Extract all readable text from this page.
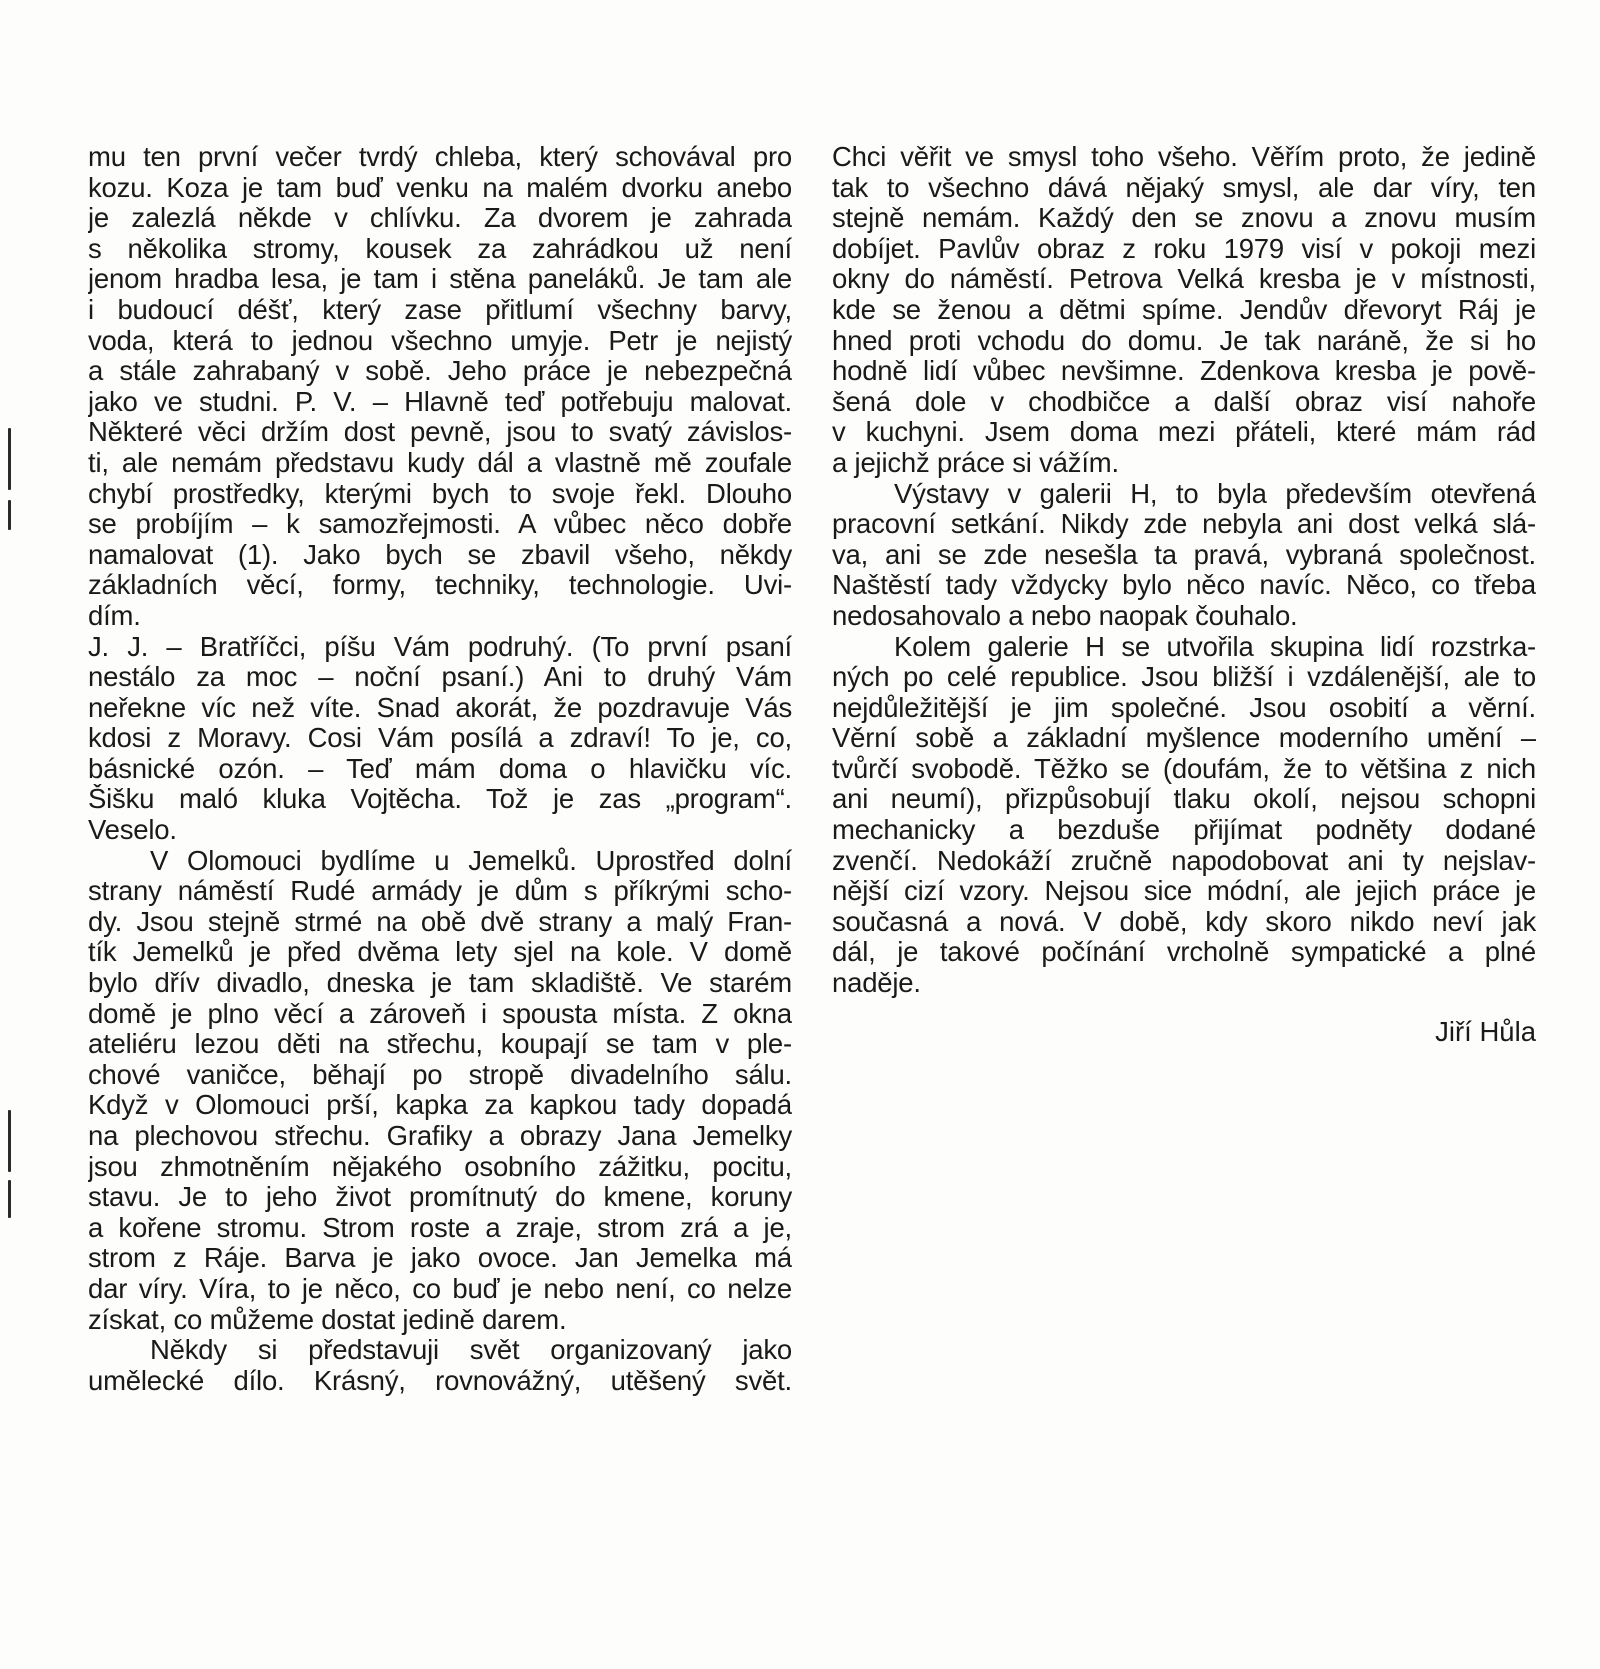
mu ten první večer tvrdý chleba, který schovával pro
kozu. Koza je tam buď venku na malém dvorku anebo
je zalezlá někde v chlívku. Za dvorem je zahrada
s několika stromy, kousek za zahrádkou už není
jenom hradba lesa, je tam i stěna paneláků. Je tam ale
i budoucí déšť, který zase přitlumí všechny barvy,
voda, která to jednou všechno umyje. Petr je nejistý
a stále zahrabaný v sobě. Jeho práce je nebezpečná
jako ve studni. P. V. – Hlavně teď potřebuju malovat.
Některé věci držím dost pevně, jsou to svatý závislos-
ti, ale nemám představu kudy dál a vlastně mě zoufale
chybí prostředky, kterými bych to svoje řekl. Dlouho
se probíjím – k samozřejmosti. A vůbec něco dobře
namalovat (1). Jako bych se zbavil všeho, někdy
základních věcí, formy, techniky, technologie. Uvi-
dím.
J. J. – Bratříčci, píšu Vám podruhý. (To první psaní
nestálo za moc – noční psaní.) Ani to druhý Vám
neřekne víc než víte. Snad akorát, že pozdravuje Vás
kdosi z Moravy. Cosi Vám posílá a zdraví! To je, co,
básnické ozón. – Teď mám doma o hlavičku víc.
Šišku maló kluka Vojtěcha. Tož je zas „program“.
Veselo.
V Olomouci bydlíme u Jemelků. Uprostřed dolní
strany náměstí Rudé armády je dům s příkrými scho-
dy. Jsou stejně strmé na obě dvě strany a malý Fran-
tík Jemelků je před dvěma lety sjel na kole. V domě
bylo dřív divadlo, dneska je tam skladiště. Ve starém
domě je plno věcí a zároveň i spousta místa. Z okna
ateliéru lezou děti na střechu, koupají se tam v ple-
chové vaničce, běhají po stropě divadelního sálu.
Když v Olomouci prší, kapka za kapkou tady dopadá
na plechovou střechu. Grafiky a obrazy Jana Jemelky
jsou zhmotněním nějakého osobního zážitku, pocitu,
stavu. Je to jeho život promítnutý do kmene, koruny
a kořene stromu. Strom roste a zraje, strom zrá a je,
strom z Ráje. Barva je jako ovoce. Jan Jemelka má
dar víry. Víra, to je něco, co buď je nebo není, co nelze
získat, co můžeme dostat jedině darem.
Někdy si představuji svět organizovaný jako
umělecké dílo. Krásný, rovnovážný, utěšený svět.
Chci věřit ve smysl toho všeho. Věřím proto, že jedině
tak to všechno dává nějaký smysl, ale dar víry, ten
stejně nemám. Každý den se znovu a znovu musím
dobíjet. Pavlův obraz z roku 1979 visí v pokoji mezi
okny do náměstí. Petrova Velká kresba je v místnosti,
kde se ženou a dětmi spíme. Jendův dřevoryt Ráj je
hned proti vchodu do domu. Je tak naráně, že si ho
hodně lidí vůbec nevšimne. Zdenkova kresba je pově-
šená dole v chodbičce a další obraz visí nahoře
v kuchyni. Jsem doma mezi přáteli, které mám rád
a jejichž práce si vážím.
Výstavy v galerii H, to byla především otevřená
pracovní setkání. Nikdy zde nebyla ani dost velká slá-
va, ani se zde nesešla ta pravá, vybraná společnost.
Naštěstí tady vždycky bylo něco navíc. Něco, co třeba
nedosahovalo a nebo naopak čouhalo.
Kolem galerie H se utvořila skupina lidí rozstrka-
ných po celé republice. Jsou bližší i vzdálenější, ale to
nejdůležitější je jim společné. Jsou osobití a věrní.
Věrní sobě a základní myšlence moderního umění –
tvůrčí svobodě. Těžko se (doufám, že to většina z nich
ani neumí), přizpůsobují tlaku okolí, nejsou schopni
mechanicky a bezduše přijímat podněty dodané
zvenčí. Nedokáží zručně napodobovat ani ty nejslav-
nější cizí vzory. Nejsou sice módní, ale jejich práce je
současná a nová. V době, kdy skoro nikdo neví jak
dál, je takové počínání vrcholně sympatické a plné
naděje.
Jiří Hůla
